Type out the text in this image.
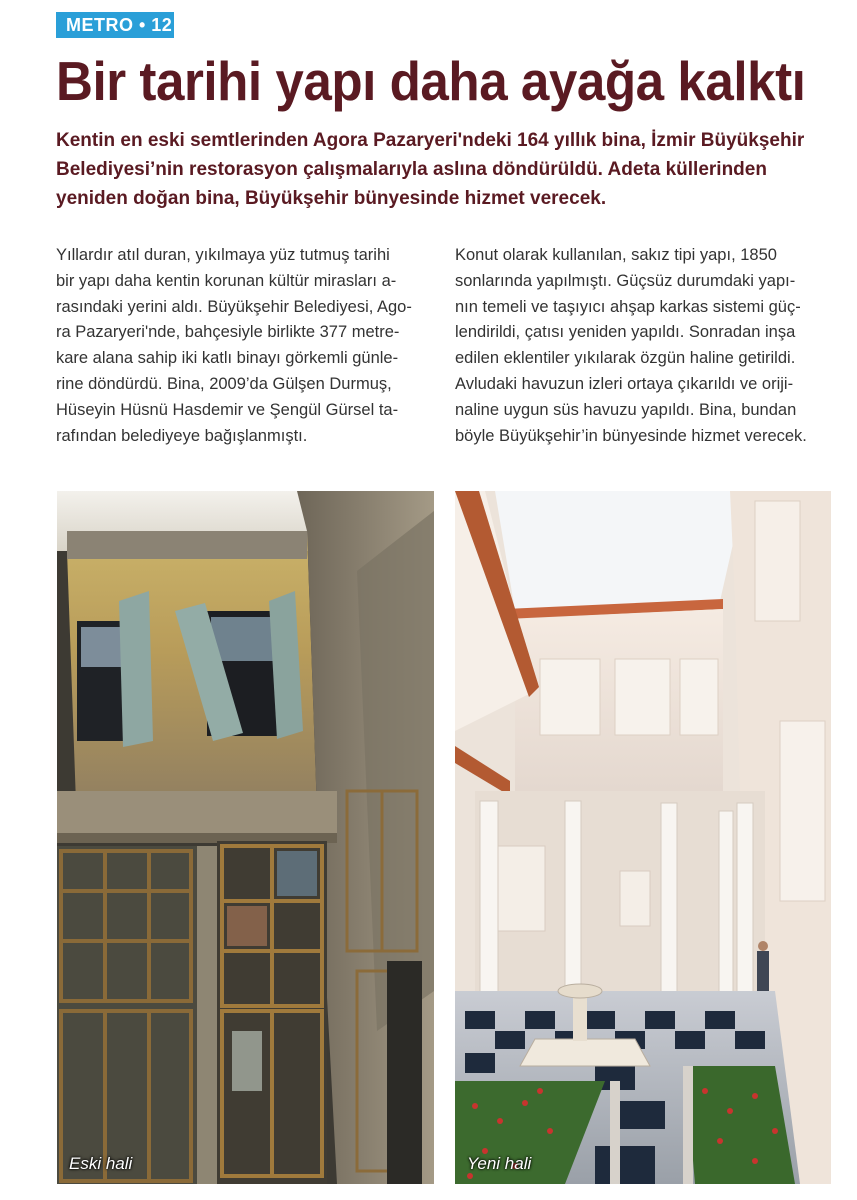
METRO • 12
Bir tarihi yapı daha ayağa kalktı

Kentin en eski semtlerinden Agora Pazaryeri'ndeki 164 yıllık bina, İzmir Büyükşehir Belediyesi’nin restorasyon çalışmalarıyla aslına döndürüldü. Adeta küllerinden yeniden doğan bina, Büyükşehir bünyesinde hizmet verecek.

Yıllardır atıl duran, yıkılmaya yüz tutmuş tarihi
bir yapı daha kentin korunan kültür mirasları a-
rasındaki yerini aldı. Büyükşehir Belediyesi, Ago-
ra Pazaryeri'nde, bahçesiyle birlikte 377 metre-
kare alana sahip iki katlı binayı görkemli günle-
rine döndürdü. Bina, 2009’da Gülşen Durmuş,
Hüseyin Hüsnü Hasdemir ve Şengül Gürsel ta-
rafından belediyeye bağışlanmıştı.
Konut olarak kullanılan, sakız tipi yapı, 1850
sonlarında yapılmıştı. Güçsüz durumdaki yapı-
nın temeli ve taşıyıcı ahşap karkas sistemi güç-
lendirildi, çatısı yeniden yapıldı. Sonradan inşa
edilen eklentiler yıkılarak özgün haline getirildi.
Avludaki havuzun izleri ortaya çıkarıldı ve oriji-
naline uygun süs havuzu yapıldı. Bina, bundan
böyle Büyükşehir’in bünyesinde hizmet verecek.
Eski hali	Yeni hali
